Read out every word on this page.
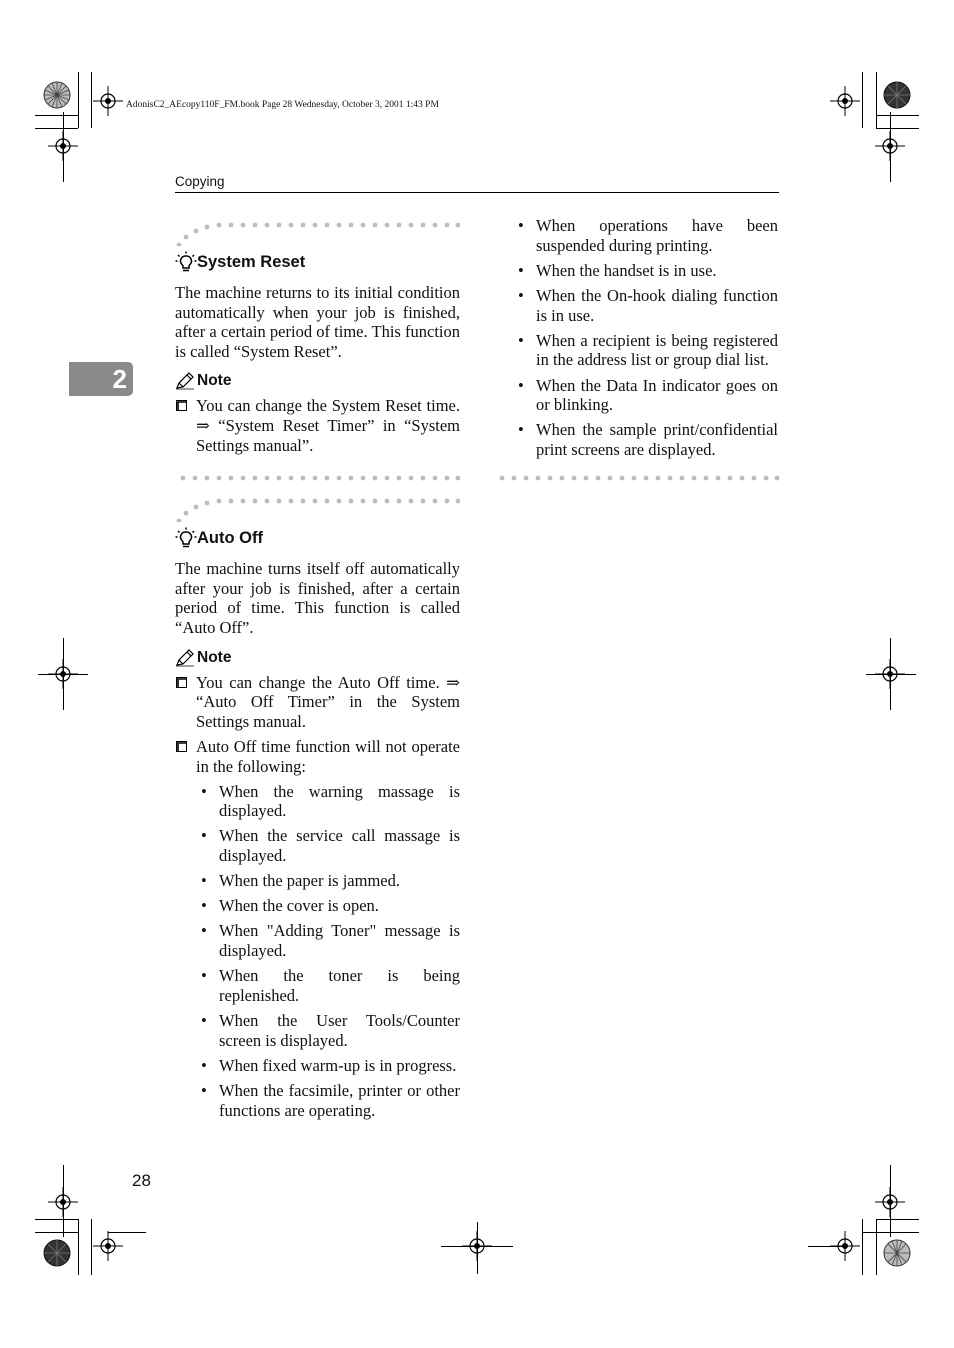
AdonisC2_AEcopy110F_FM.book Page 28 Wednesday, October 3, 2001 1:43 PM
Copying
2
System Reset

The machine returns to its initial condition automatically when your job is finished, after a certain period of time. This function is called “System Reset”.

Note
You can change the System Reset time. ⇒ “System Reset Timer” in “System Settings manual”.
Auto Off

The machine turns itself off automatically after your job is finished, after a certain period of time. This function is called “Auto Off”.

Note
You can change the Auto Off time. ⇒ “Auto Off Timer” in the System Settings manual.
Auto Off time function will not operate in the following:
• When the warning massage is displayed.
• When the service call massage is displayed.
• When the paper is jammed.
• When the cover is open.
• When "Adding Toner" message is displayed.
• When the toner is being replenished.
• When the User Tools/Counter screen is displayed.
• When fixed warm-up is in progress.
• When the facsimile, printer or other functions are operating.
• When operations have been suspended during printing.
• When the handset is in use.
• When the On-hook dialing function is in use.
• When a recipient is being registered in the address list or group dial list.
• When the Data In indicator goes on or blinking.
• When the sample print/confidential print screens are displayed.
28
